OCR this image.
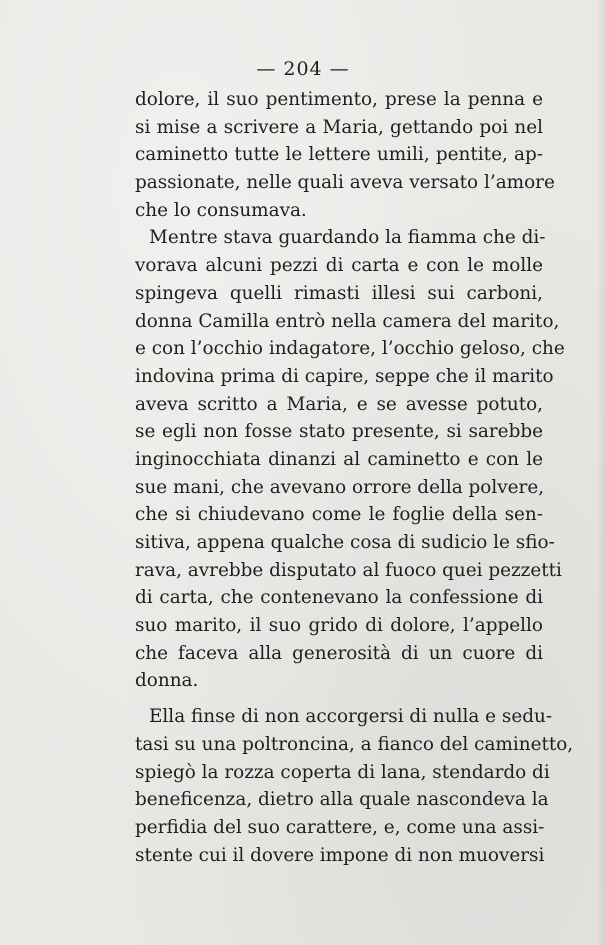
— 204 —
dolore, il suo pentimento, prese la penna e
si mise a scrivere a Maria, gettando poi nel
caminetto tutte le lettere umili, pentite, ap-
passionate, nelle quali aveva versato l’amore
che lo consumava.
Mentre stava guardando la fiamma che di-
vorava alcuni pezzi di carta e con le molle
spingeva quelli rimasti illesi sui carboni,
donna Camilla entrò nella camera del marito,
e con l’occhio indagatore, l’occhio geloso, che
indovina prima di capire, seppe che il marito
aveva scritto a Maria, e se avesse potuto,
se egli non fosse stato presente, si sarebbe
inginocchiata dinanzi al caminetto e con le
sue mani, che avevano orrore della polvere,
che si chiudevano come le foglie della sen-
sitiva, appena qualche cosa di sudicio le sfio-
rava, avrebbe disputato al fuoco quei pezzetti
di carta, che contenevano la confessione di
suo marito, il suo grido di dolore, l’appello
che faceva alla generosità di un cuore di
donna.
Ella finse di non accorgersi di nulla e sedu-
tasi su una poltroncina, a fianco del caminetto,
spiegò la rozza coperta di lana, stendardo di
beneficenza, dietro alla quale nascondeva la
perfidia del suo carattere, e, come una assi-
stente cui il dovere impone di non muoversi
